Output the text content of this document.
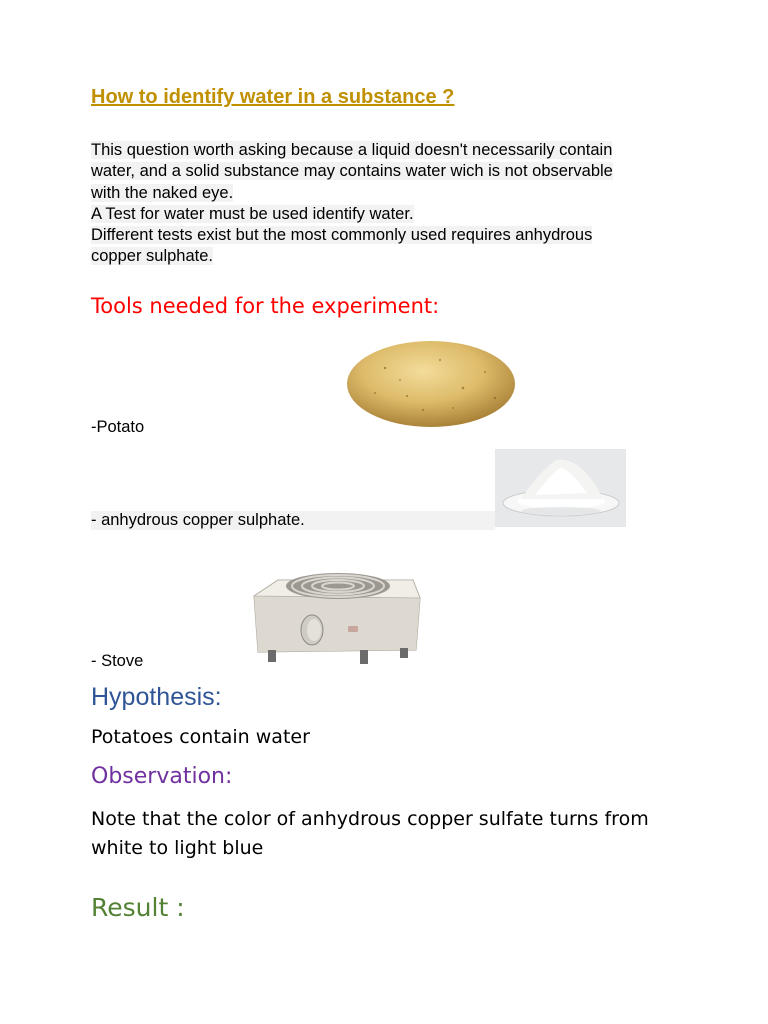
How to identify water in a substance ?
This question worth asking because a liquid doesn't necessarily contain
water, and a solid substance may contains water wich is not observable
with the naked eye.
A Test for water must be used identify water.
Different tests exist but the most commonly used requires anhydrous
copper sulphate.
Tools needed for the experiment:
-Potato
- anhydrous copper sulphate.
- Stove
Hypothesis:
Potatoes contain water
Observation:
Note that the color of anhydrous copper sulfate turns from white to light blue
Result :
